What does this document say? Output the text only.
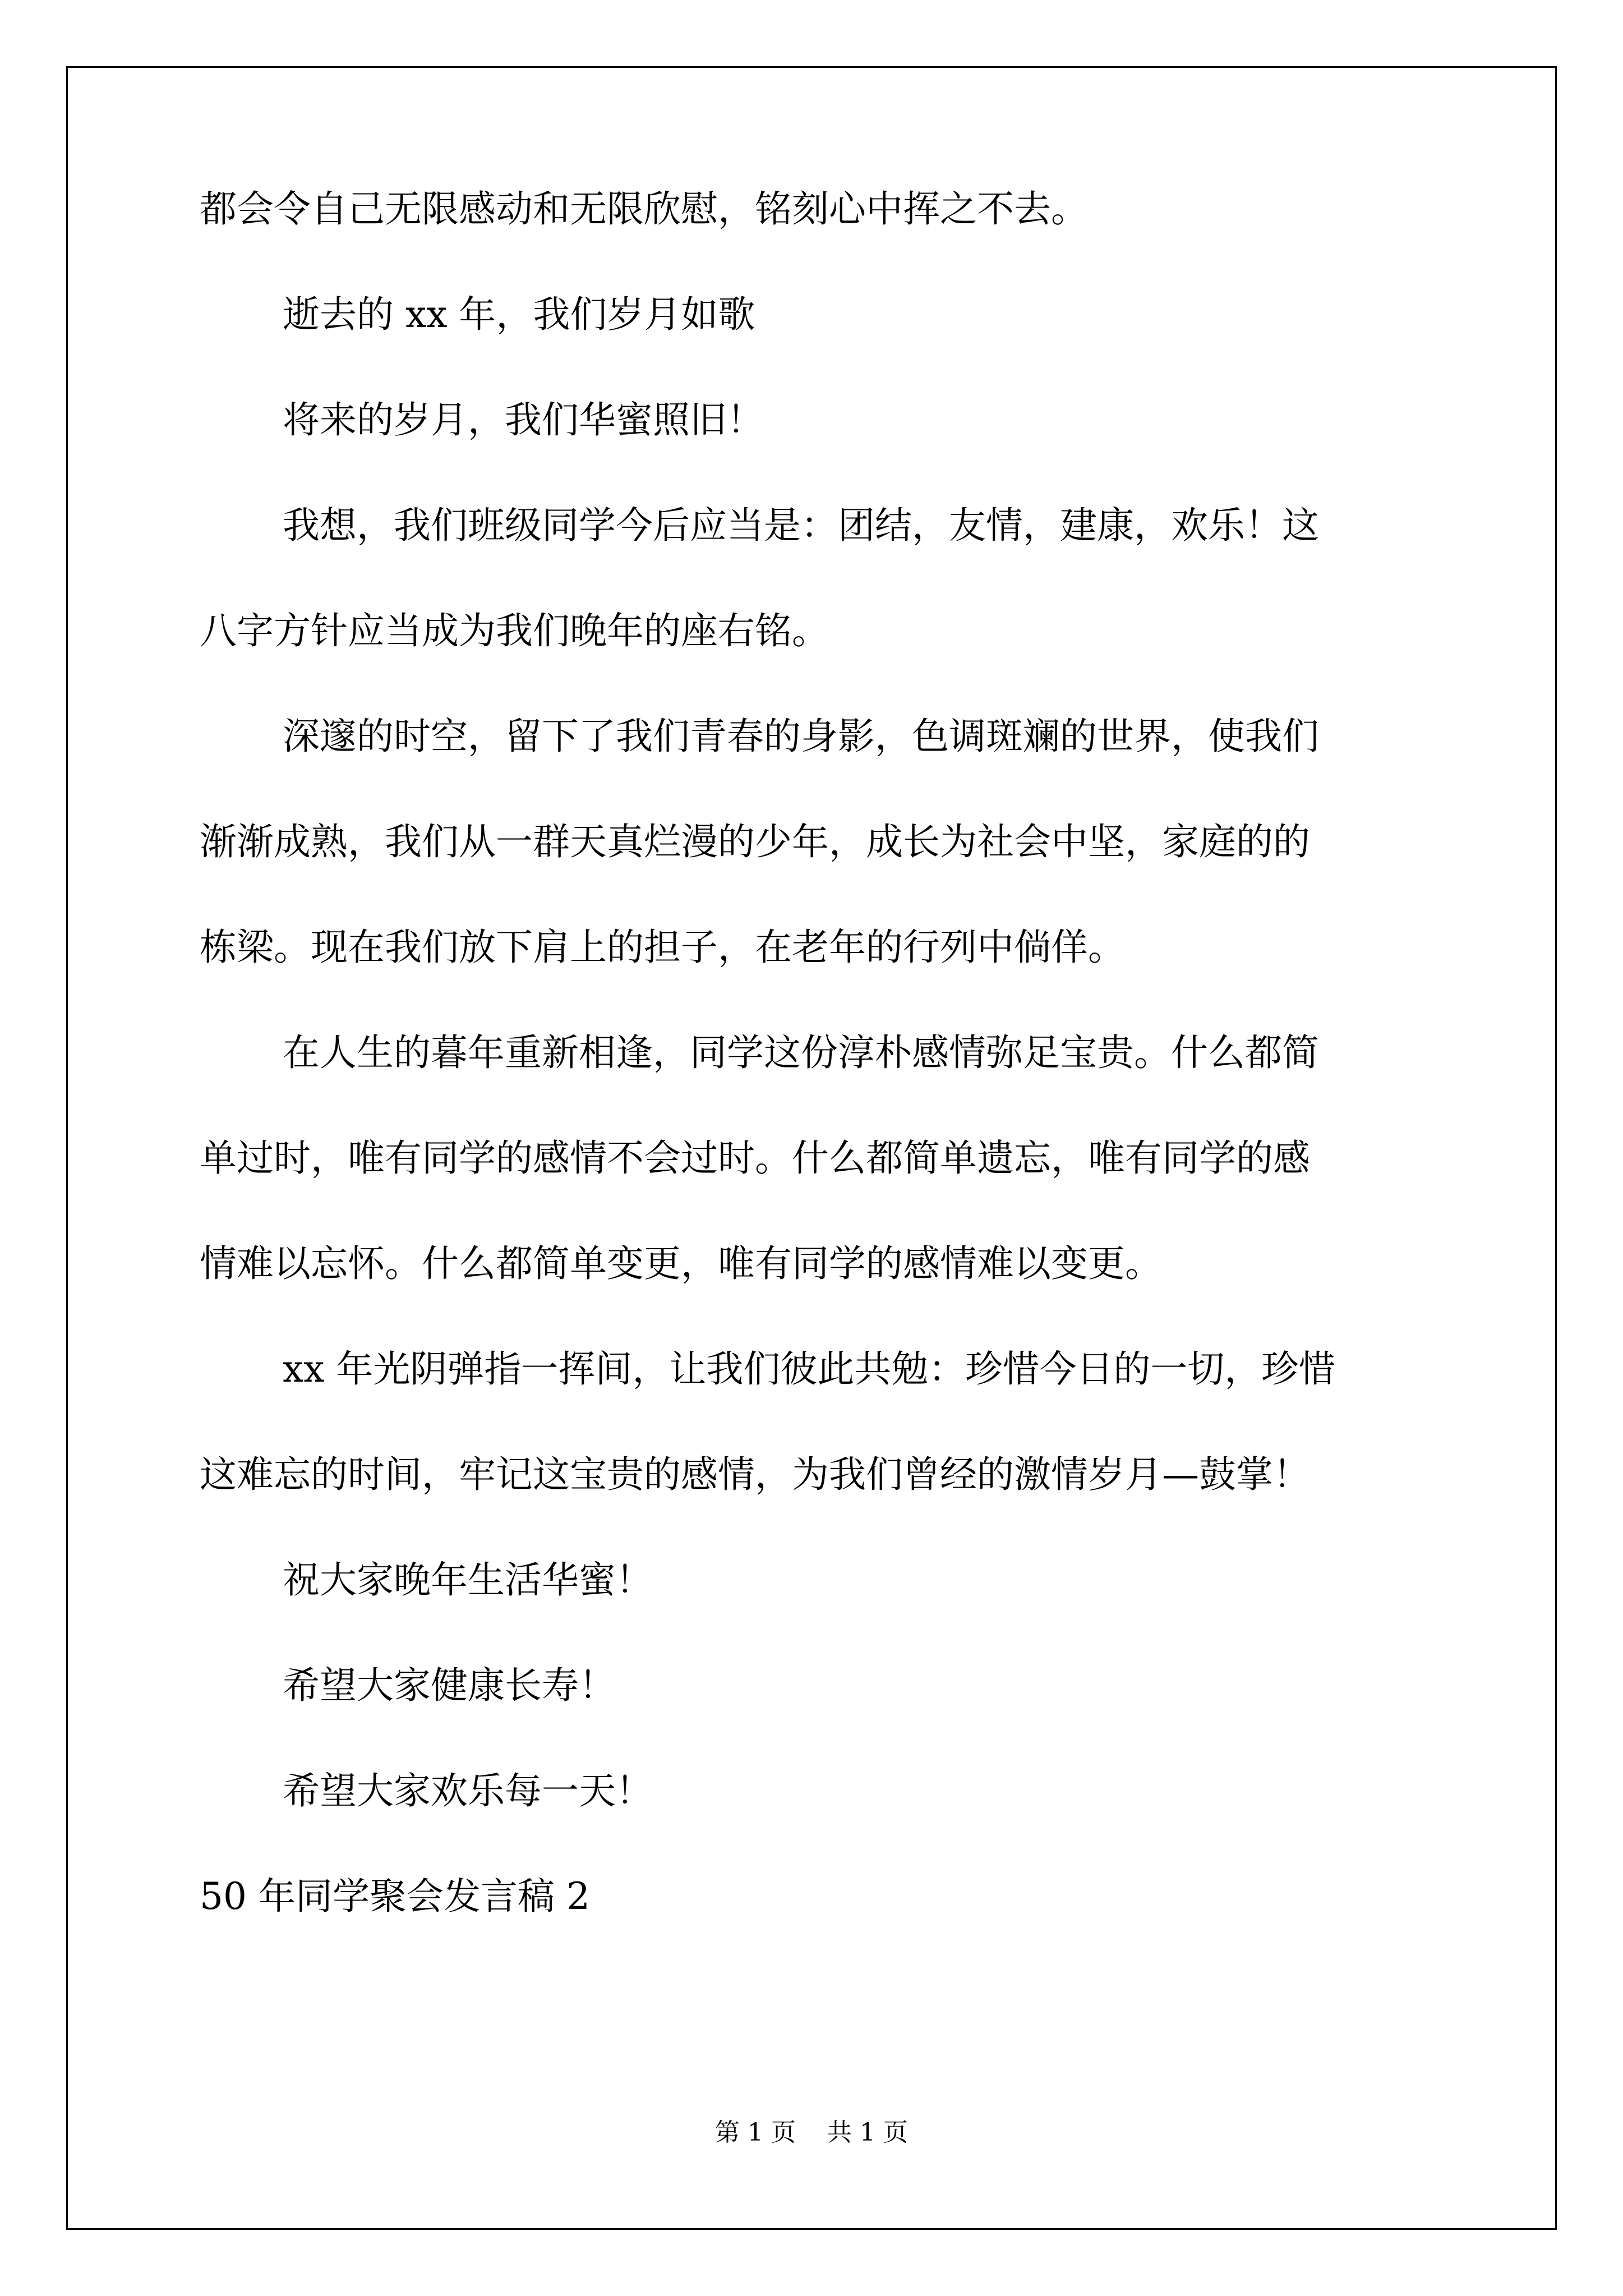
都会令自己无限感动和无限欣慰，铭刻心中挥之不去。
逝去的 xx 年，我们岁月如歌
将来的岁月，我们华蜜照旧！
我想，我们班级同学今后应当是：团结，友情，建康，欢乐！这
八字方针应当成为我们晚年的座右铭。
深邃的时空，留下了我们青春的身影，色调斑斓的世界，使我们
渐渐成熟，我们从一群天真烂漫的少年，成长为社会中坚，家庭的的
栋梁。现在我们放下肩上的担子，在老年的行列中倘佯。
在人生的暮年重新相逢，同学这份淳朴感情弥足宝贵。什么都简
单过时，唯有同学的感情不会过时。什么都简单遗忘，唯有同学的感
情难以忘怀。什么都简单变更，唯有同学的感情难以变更。
xx 年光阴弹指一挥间，让我们彼此共勉：珍惜今日的一切，珍惜
这难忘的时间，牢记这宝贵的感情，为我们曾经的激情岁月—鼓掌！
祝大家晚年生活华蜜！
希望大家健康长寿！
希望大家欢乐每一天！
50 年同学聚会发言稿 2
第 1 页    共 1 页
